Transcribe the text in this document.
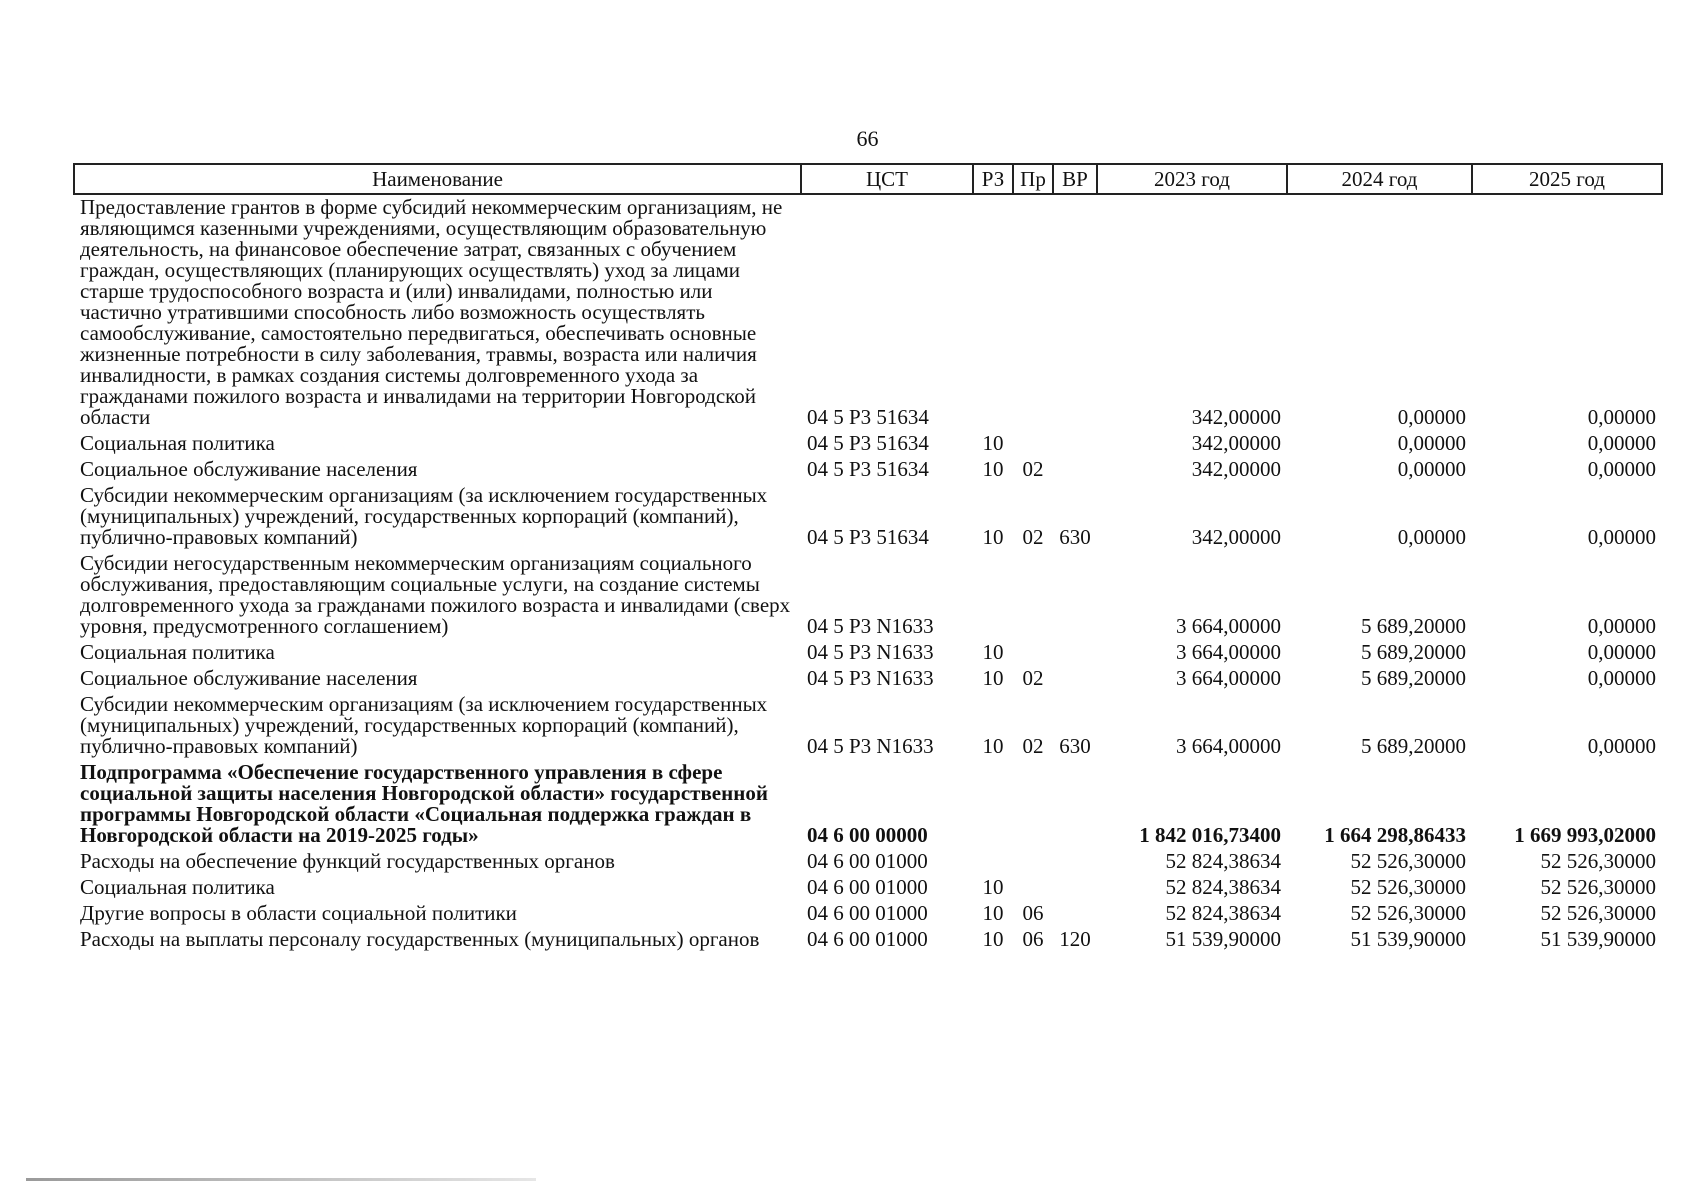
66
Наименование	ЦСТ	РЗ	Пр	ВР	2023 год	2024 год	2025 год
Предоставление грантов в форме субсидий некоммерческим организациям, не являющимся казенными учреждениями, осуществляющим образовательную деятельность, на финансовое обеспечение затрат, связанных с обучением граждан, осуществляющих (планирующих осуществлять) уход за лицами старше трудоспособного возраста и (или) инвалидами, полностью или частично утратившими способность либо возможность осуществлять самообслуживание, самостоятельно передвигаться, обеспечивать основные жизненные потребности в силу заболевания, травмы, возраста или наличия инвалидности, в рамках создания системы долговременного ухода за гражданами пожилого возраста и инвалидами на территории Новгородской области	04 5 Р3 51634				342,00000	0,00000	0,00000
Социальная политика	04 5 Р3 51634	10			342,00000	0,00000	0,00000
Социальное обслуживание населения	04 5 Р3 51634	10	02		342,00000	0,00000	0,00000
Субсидии некоммерческим организациям (за исключением государственных (муниципальных) учреждений, государственных корпораций (компаний), публично-правовых компаний)	04 5 Р3 51634	10	02	630	342,00000	0,00000	0,00000
Субсидии негосударственным некоммерческим организациям социального обслуживания, предоставляющим социальные услуги, на создание системы долговременного ухода за гражданами пожилого возраста и инвалидами (сверх уровня, предусмотренного соглашением)	04 5 Р3 N1633				3 664,00000	5 689,20000	0,00000
Социальная политика	04 5 Р3 N1633	10			3 664,00000	5 689,20000	0,00000
Социальное обслуживание населения	04 5 Р3 N1633	10	02		3 664,00000	5 689,20000	0,00000
Субсидии некоммерческим организациям (за исключением государственных (муниципальных) учреждений, государственных корпораций (компаний), публично-правовых компаний)	04 5 Р3 N1633	10	02	630	3 664,00000	5 689,20000	0,00000
Подпрограмма «Обеспечение государственного управления в сфере социальной защиты населения Новгородской области» государственной программы Новгородской области «Социальная поддержка граждан в Новгородской области на 2019-2025 годы»	04 6 00 00000				1 842 016,73400	1 664 298,86433	1 669 993,02000
Расходы на обеспечение функций государственных органов	04 6 00 01000				52 824,38634	52 526,30000	52 526,30000
Социальная политика	04 6 00 01000	10			52 824,38634	52 526,30000	52 526,30000
Другие вопросы в области социальной политики	04 6 00 01000	10	06		52 824,38634	52 526,30000	52 526,30000
Расходы на выплаты персоналу государственных (муниципальных) органов	04 6 00 01000	10	06	120	51 539,90000	51 539,90000	51 539,90000
